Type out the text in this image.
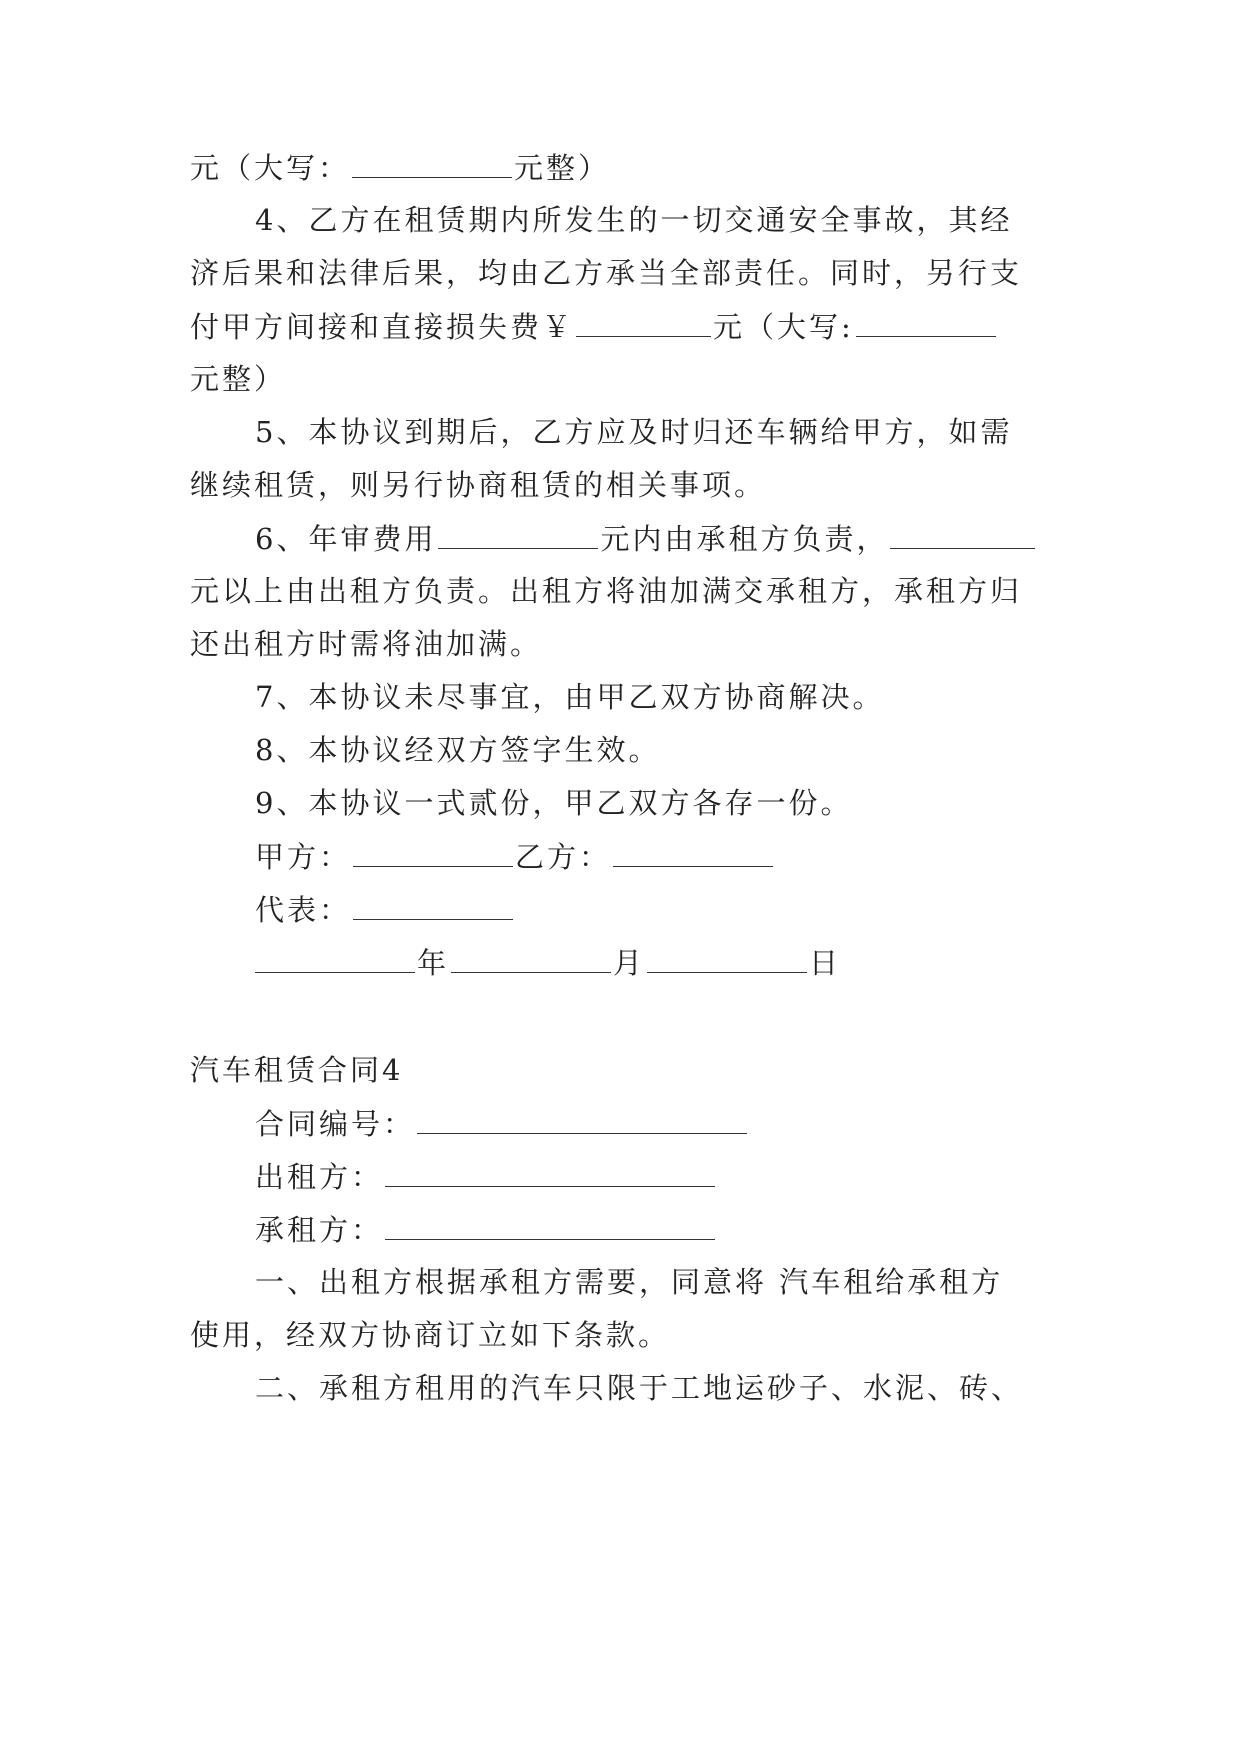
元（大写：	元整）
4、乙方在租赁期内所发生的一切交通安全事故，其经
济后果和法律后果，均由乙方承当全部责任。同时，另行支
付甲方间接和直接损失费￥	元（大写:
元整）
5、本协议到期后，乙方应及时归还车辆给甲方，如需
继续租赁，则另行协商租赁的相关事项。
6、年审费用	元内由承租方负责，
元以上由出租方负责。出租方将油加满交承租方，承租方归
还出租方时需将油加满。
7、本协议未尽事宜，由甲乙双方协商解决。
8、本协议经双方签字生效。
9、本协议一式贰份，甲乙双方各存一份。
甲方：	乙方：
代表：
年	月	日
汽车租赁合同4
合同编号：
出租方：
承租方：
一、出租方根据承租方需要，同意将 汽车租给承租方
使用，经双方协商订立如下条款。
二、承租方租用的汽车只限于工地运砂子、水泥、砖、
